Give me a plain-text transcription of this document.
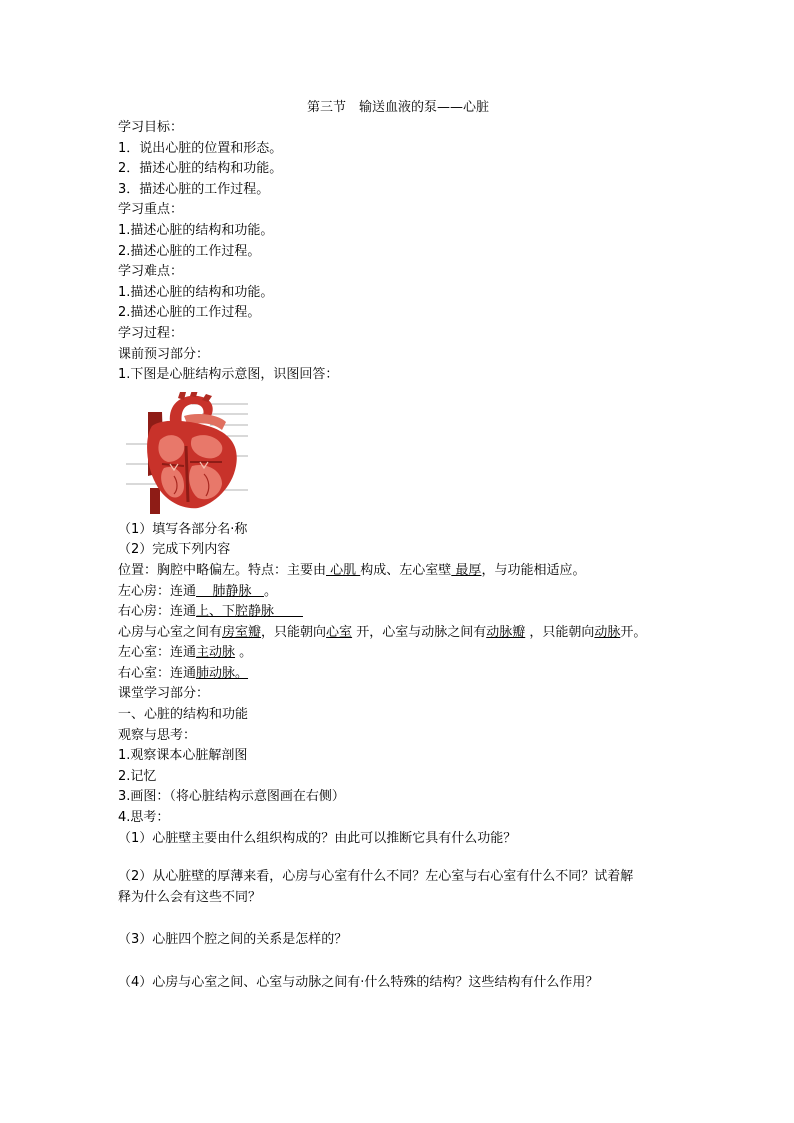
第三节　输送血液的泵——心脏
学习目标：
1．说出心脏的位置和形态。
2．描述心脏的结构和功能。
3．描述心脏的工作过程。
学习重点：
1.描述心脏的结构和功能。
2.描述心脏的工作过程。
学习难点：
1.描述心脏的结构和功能。
2.描述心脏的工作过程。
学习过程：
课前预习部分：
1.下图是心脏结构示意图，识图回答：
（1）填写各部分名·称
（2）完成下列内容
位置：胸腔中略偏左。特点：主要由 心肌 构成、左心室壁 最厚，与功能相适应。
左心房：连通    肺静脉   。
右心房：连通上、下腔静脉
心房与心室之间有房室瓣，只能朝向心室 开，心室与动脉之间有动脉瓣 ，只能朝向动脉开。
左心室：连通主动脉 。
右心室：连通肺动脉。
课堂学习部分：
一、心脏的结构和功能
观察与思考：
1.观察课本心脏解剖图
2.记忆
3.画图：（将心脏结构示意图画在右侧）
4.思考：
（1）心脏壁主要由什么组织构成的？由此可以推断它具有什么功能？
（2）从心脏壁的厚薄来看，心房与心室有什么不同？左心室与右心室有什么不同？试着解
释为什么会有这些不同？
（3）心脏四个腔之间的关系是怎样的？
（4）心房与心室之间、心室与动脉之间有·什么特殊的结构？这些结构有什么作用？
